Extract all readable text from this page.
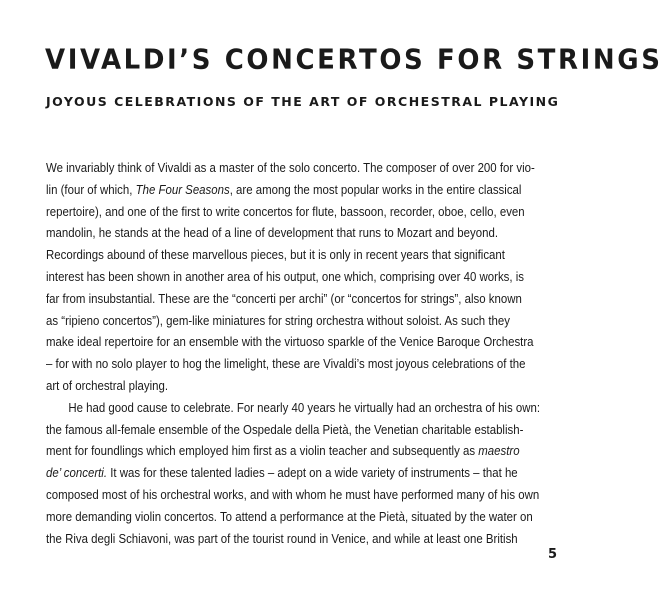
VIVALDI’S CONCERTOS FOR STRINGS
JOYOUS CELEBRATIONS OF THE ART OF ORCHESTRAL PLAYING
We invariably think of Vivaldi as a master of the solo concerto. The composer of over 200 for vio-
lin (four of which, The Four Seasons, are among the most popular works in the entire classical
repertoire), and one of the first to write concertos for flute, bassoon, recorder, oboe, cello, even
mandolin, he stands at the head of a line of development that runs to Mozart and beyond.
Recordings abound of these marvellous pieces, but it is only in recent years that significant
interest has been shown in another area of his output, one which, comprising over 40 works, is
far from insubstantial. These are the “concerti per archi” (or “concertos for strings”, also known
as “ripieno concertos”), gem-like miniatures for string orchestra without soloist. As such they
make ideal repertoire for an ensemble with the virtuoso sparkle of the Venice Baroque Orchestra
– for with no solo player to hog the limelight, these are Vivaldi’s most joyous celebrations of the
art of orchestral playing.
He had good cause to celebrate. For nearly 40 years he virtually had an orchestra of his own:
the famous all-female ensemble of the Ospedale della Pietà, the Venetian charitable establish-
ment for foundlings which employed him first as a violin teacher and subsequently as maestro
de’ concerti. It was for these talented ladies – adept on a wide variety of instruments – that he
composed most of his orchestral works, and with whom he must have performed many of his own
more demanding violin concertos. To attend a performance at the Pietà, situated by the water on
the Riva degli Schiavoni, was part of the tourist round in Venice, and while at least one British
5
